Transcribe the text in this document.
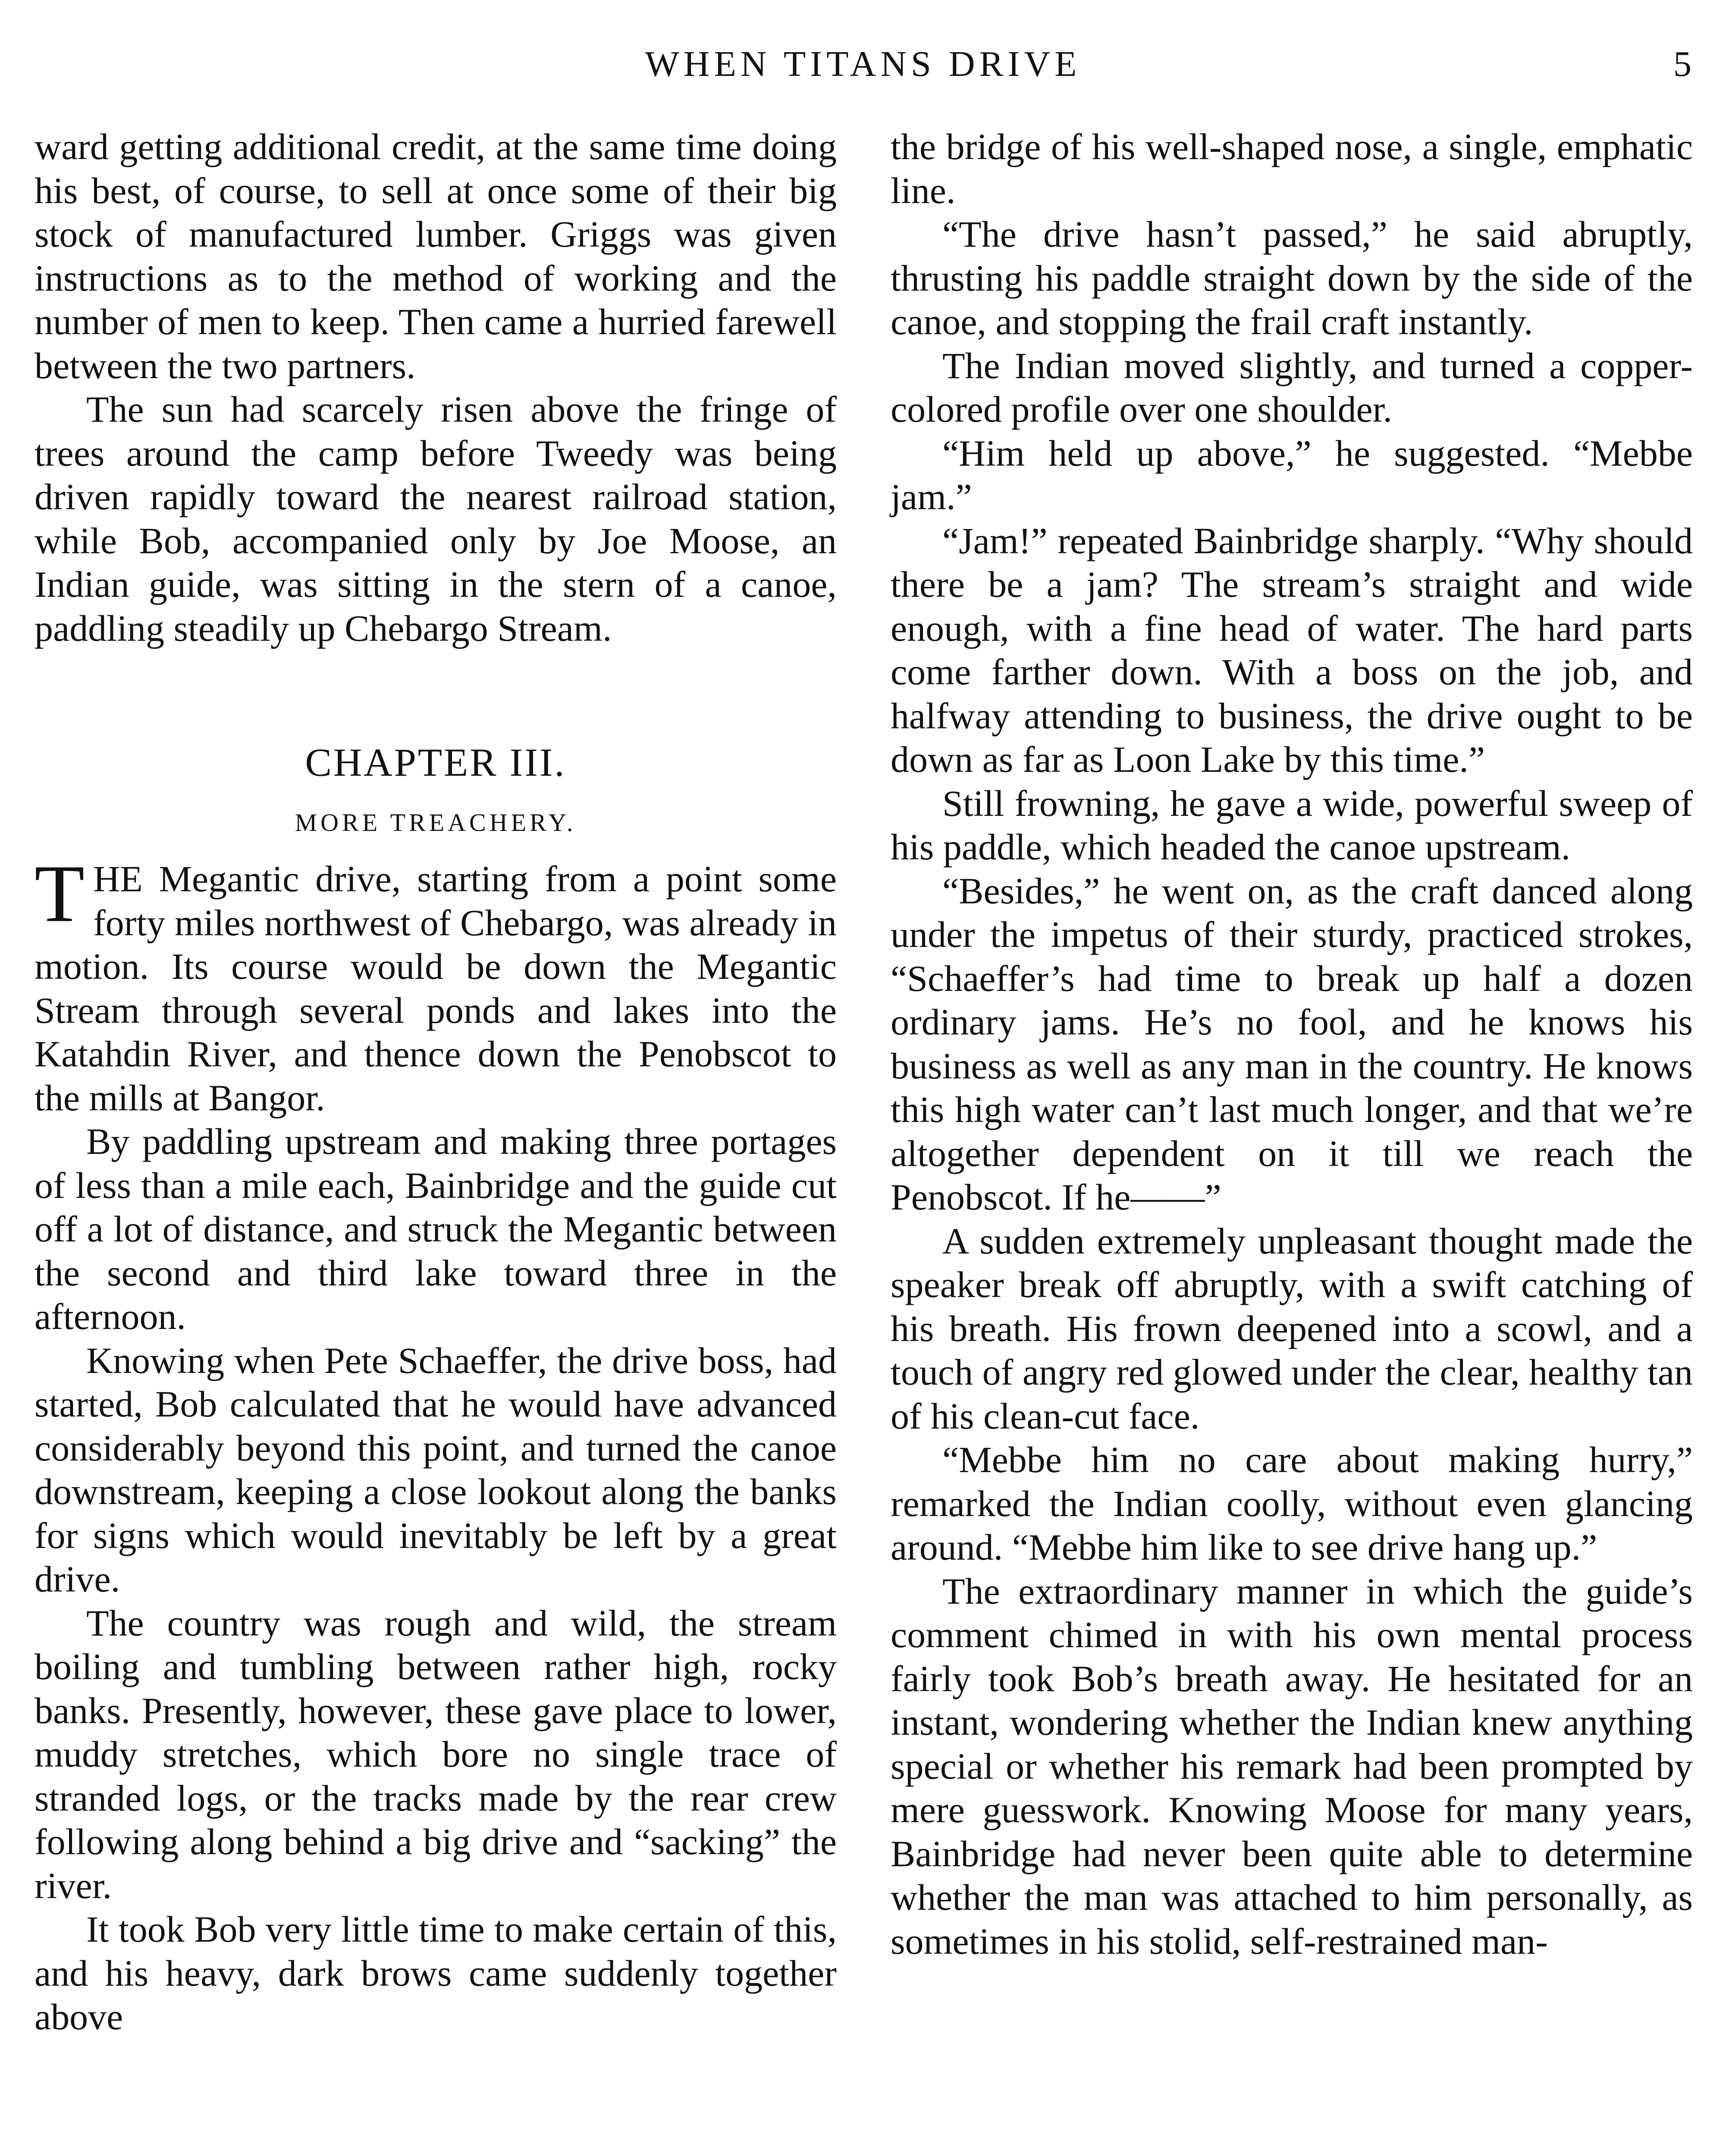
WHEN TITANS DRIVE	5

ward getting additional credit, at the same time doing his best, of course, to sell at once some of their big stock of manufactured lumber. Griggs was given instructions as to the method of working and the number of men to keep. Then came a hurried farewell between the two partners.

The sun had scarcely risen above the fringe of trees around the camp before Tweedy was being driven rapidly toward the nearest railroad station, while Bob, accompanied only by Joe Moose, an Indian guide, was sitting in the stern of a canoe, paddling steadily up Chebargo Stream.

CHAPTER III.
MORE TREACHERY.

THE Megantic drive, starting from a point some forty miles northwest of Chebargo, was already in motion. Its course would be down the Megantic Stream through several ponds and lakes into the Katahdin River, and thence down the Penobscot to the mills at Bangor.

By paddling upstream and making three portages of less than a mile each, Bainbridge and the guide cut off a lot of distance, and struck the Megantic between the second and third lake toward three in the afternoon.

Knowing when Pete Schaeffer, the drive boss, had started, Bob calculated that he would have advanced considerably beyond this point, and turned the canoe downstream, keeping a close lookout along the banks for signs which would inevitably be left by a great drive.

The country was rough and wild, the stream boiling and tumbling between rather high, rocky banks. Presently, however, these gave place to lower, muddy stretches, which bore no single trace of stranded logs, or the tracks made by the rear crew following along behind a big drive and “sacking” the river.

It took Bob very little time to make certain of this, and his heavy, dark brows came suddenly together above

the bridge of his well-shaped nose, a single, emphatic line.

“The drive hasn’t passed,” he said abruptly, thrusting his paddle straight down by the side of the canoe, and stopping the frail craft instantly.

The Indian moved slightly, and turned a copper-colored profile over one shoulder.

“Him held up above,” he suggested. “Mebbe jam.”

“Jam!” repeated Bainbridge sharply. “Why should there be a jam? The stream’s straight and wide enough, with a fine head of water. The hard parts come farther down. With a boss on the job, and halfway attending to business, the drive ought to be down as far as Loon Lake by this time.”

Still frowning, he gave a wide, powerful sweep of his paddle, which headed the canoe upstream.

“Besides,” he went on, as the craft danced along under the impetus of their sturdy, practiced strokes, “Schaeffer’s had time to break up half a dozen ordinary jams. He’s no fool, and he knows his business as well as any man in the country. He knows this high water can’t last much longer, and that we’re altogether dependent on it till we reach the Penobscot. If he——”

A sudden extremely unpleasant thought made the speaker break off abruptly, with a swift catching of his breath. His frown deepened into a scowl, and a touch of angry red glowed under the clear, healthy tan of his clean-cut face.

“Mebbe him no care about making hurry,” remarked the Indian coolly, without even glancing around. “Mebbe him like to see drive hang up.”

The extraordinary manner in which the guide’s comment chimed in with his own mental process fairly took Bob’s breath away. He hesitated for an instant, wondering whether the Indian knew anything special or whether his remark had been prompted by mere guesswork. Knowing Moose for many years, Bainbridge had never been quite able to determine whether the man was attached to him personally, as sometimes in his stolid, self-restrained man-
